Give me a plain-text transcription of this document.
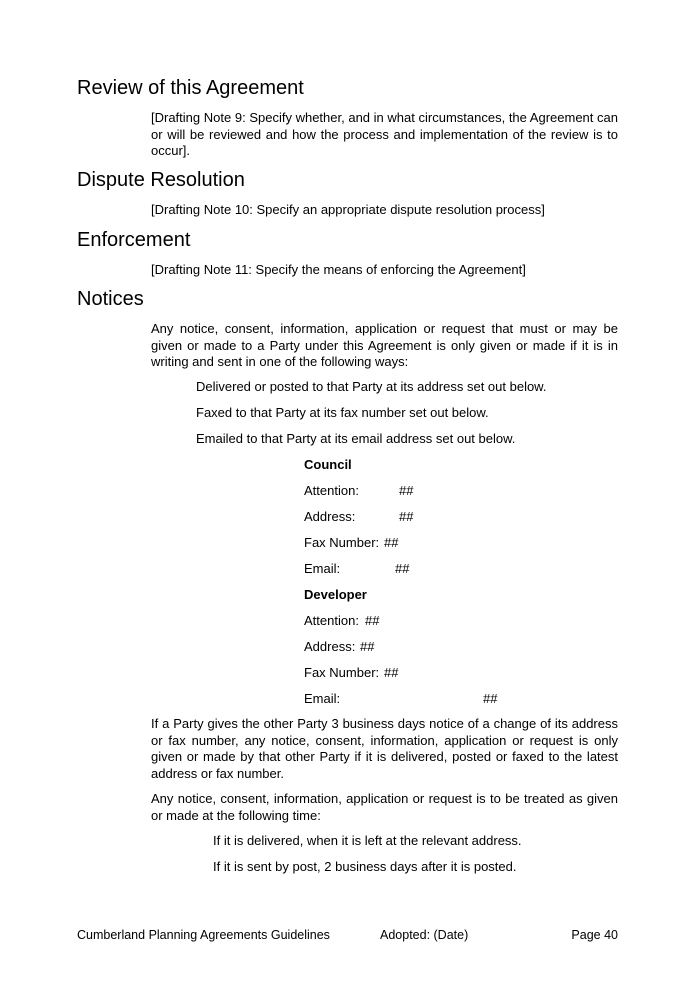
Review of this Agreement

[Drafting Note 9: Specify whether, and in what circumstances, the Agreement can or will be reviewed and how the process and implementation of the review is to occur].

Dispute Resolution

[Drafting Note 10: Specify an appropriate dispute resolution process]

Enforcement

[Drafting Note 11: Specify the means of enforcing the Agreement]

Notices

Any notice, consent, information, application or request that must or may be given or made to a Party under this Agreement is only given or made if it is in writing and sent in one of the following ways:

Delivered or posted to that Party at its address set out below.

Faxed to that Party at its fax number set out below.

Emailed to that Party at its email address set out below.

Council

Attention:	##
Address:	##
Fax Number: ##
Email:	##

Developer

Attention: ##
Address: ##
Fax Number: ##
Email:	##

If a Party gives the other Party 3 business days notice of a change of its address or fax number, any notice, consent, information, application or request is only given or made by that other Party if it is delivered, posted or faxed to the latest address or fax number.

Any notice, consent, information, application or request is to be treated as given or made at the following time:

If it is delivered, when it is left at the relevant address.

If it is sent by post, 2 business days after it is posted.

Cumberland Planning Agreements Guidelines	Adopted: (Date)	Page 40
